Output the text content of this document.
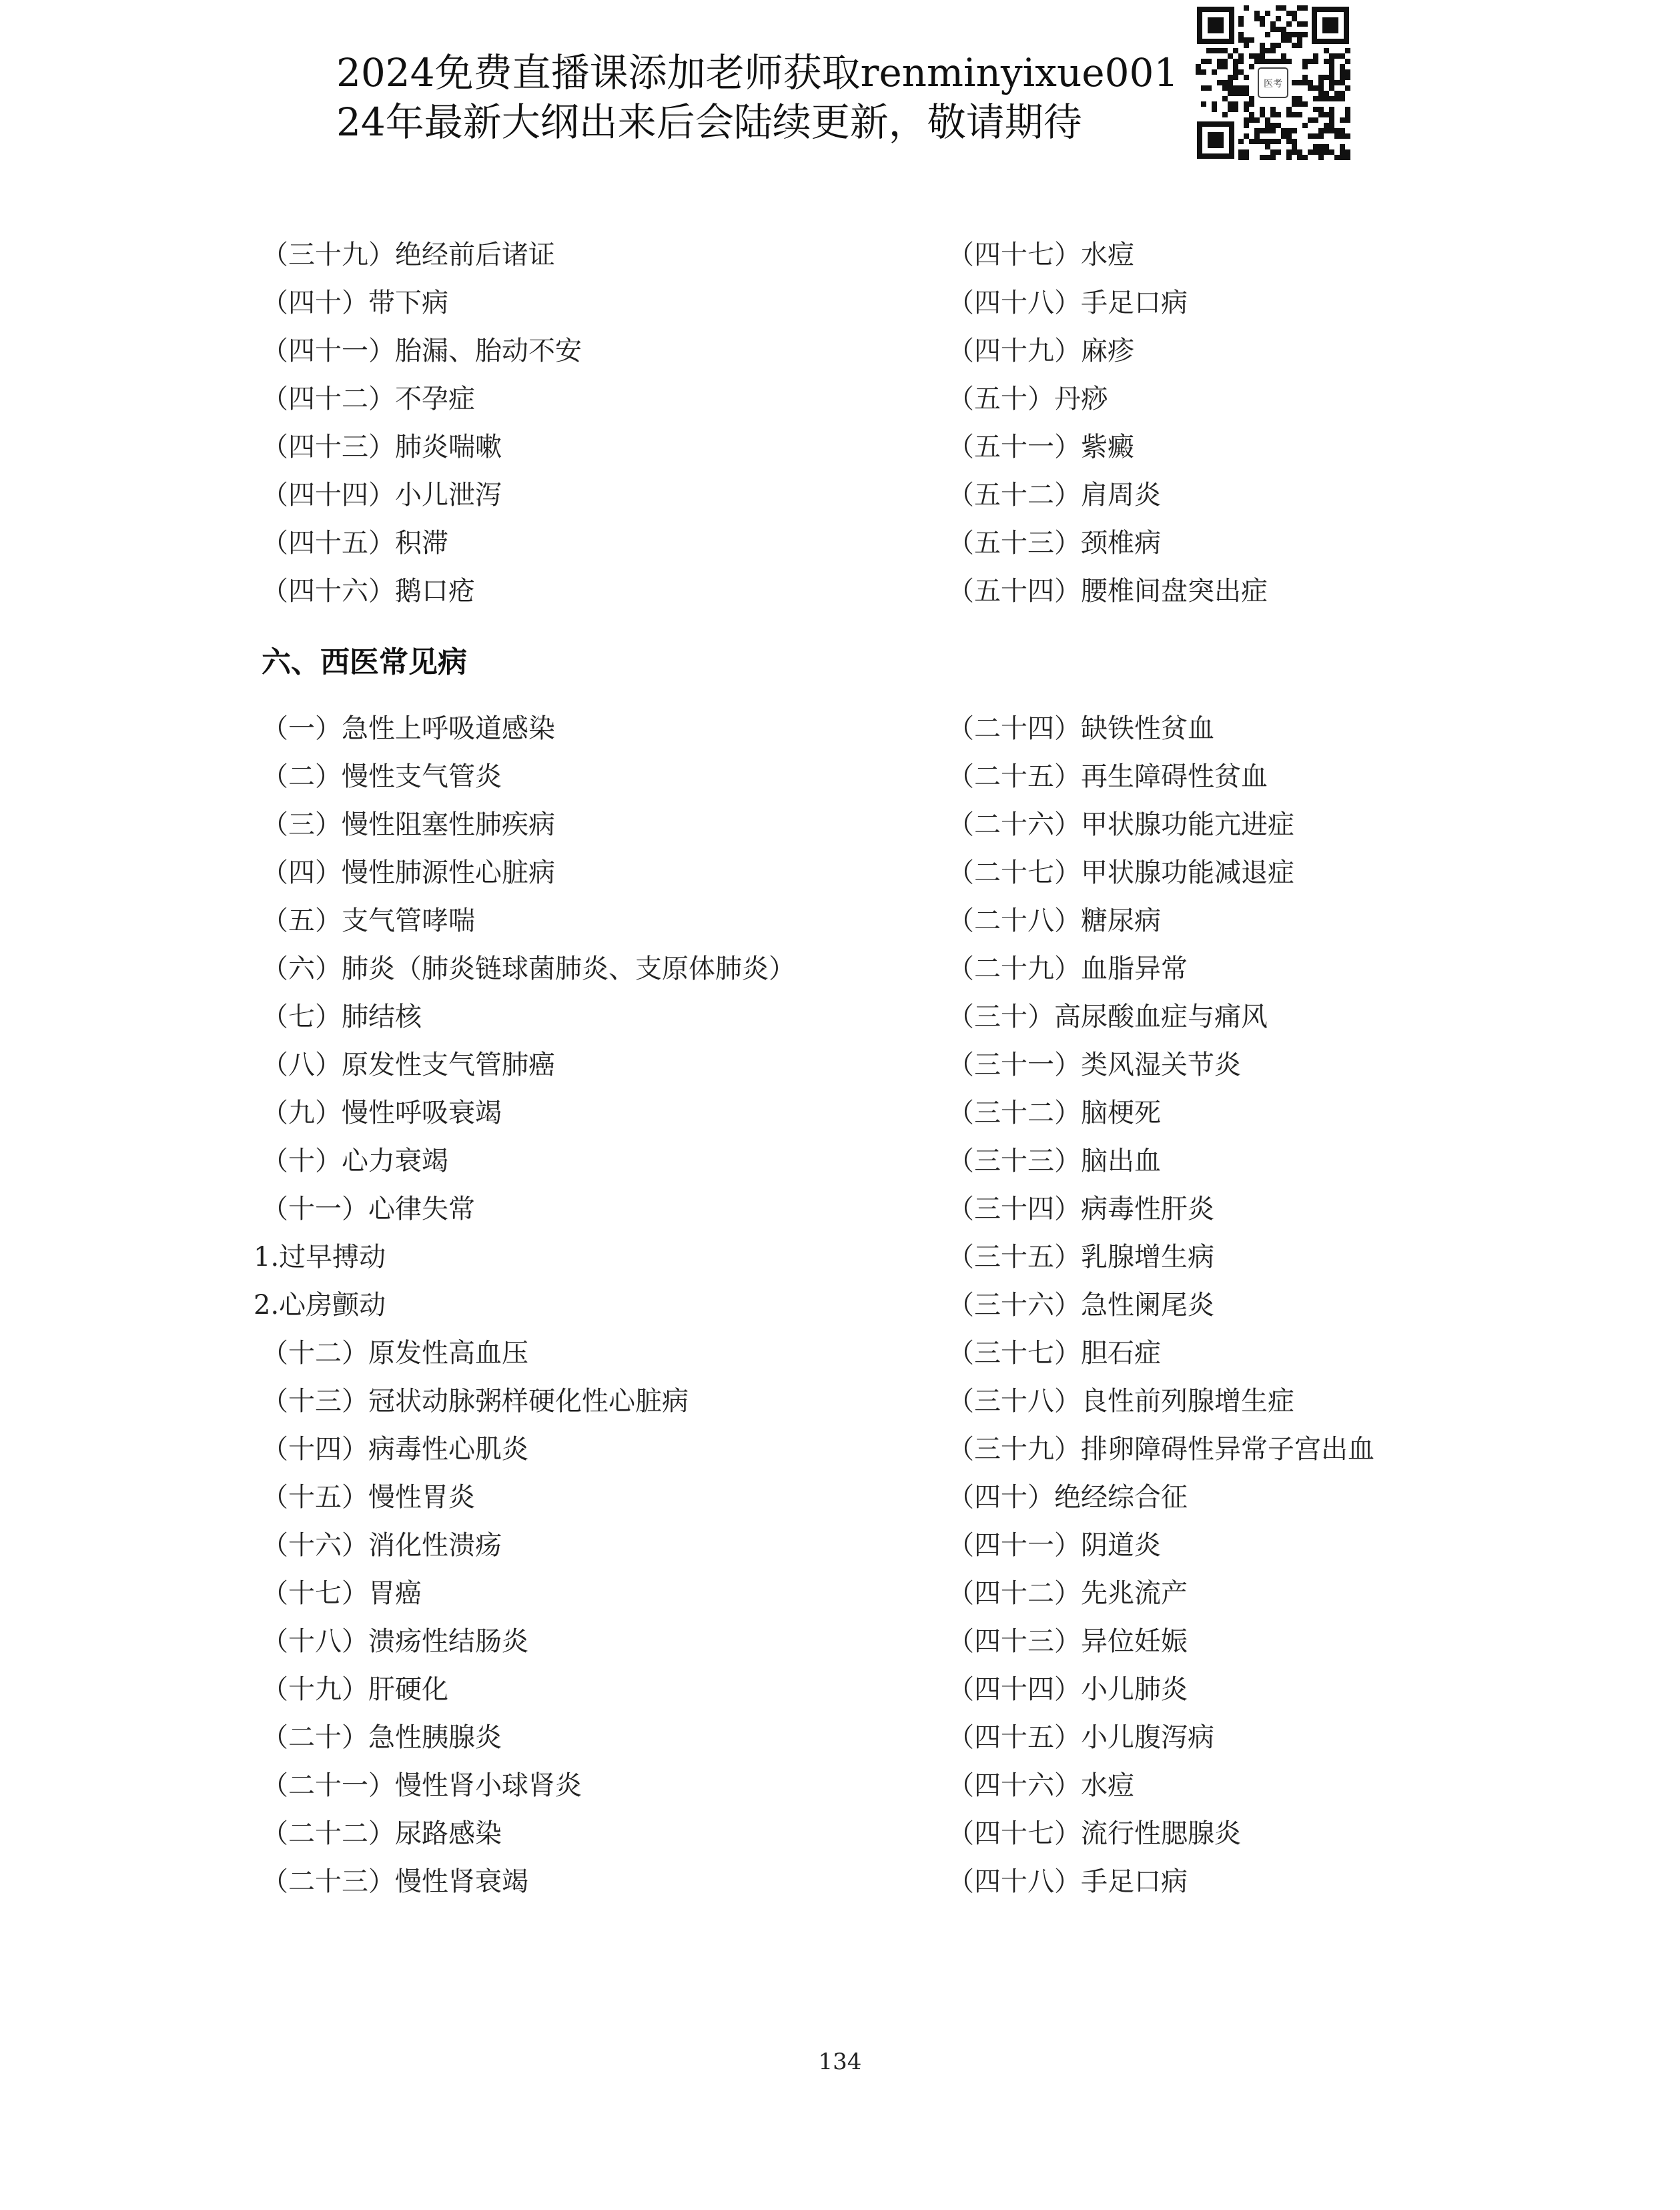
2024免费直播课添加老师获取renminyixue001
24年最新大纲出来后会陆续更新，敬请期待
医考
（三十九）绝经前后诸证
（四十）带下病
（四十一）胎漏、胎动不安
（四十二）不孕症
（四十三）肺炎喘嗽
（四十四）小儿泄泻
（四十五）积滞
（四十六）鹅口疮
（四十七）水痘
（四十八）手足口病
（四十九）麻疹
（五十）丹痧
（五十一）紫癜
（五十二）肩周炎
（五十三）颈椎病
（五十四）腰椎间盘突出症
六、西医常见病
（一）急性上呼吸道感染
（二）慢性支气管炎
（三）慢性阻塞性肺疾病
（四）慢性肺源性心脏病
（五）支气管哮喘
（六）肺炎（肺炎链球菌肺炎、支原体肺炎）
（七）肺结核
（八）原发性支气管肺癌
（九）慢性呼吸衰竭
（十）心力衰竭
（十一）心律失常
1.过早搏动
2.心房颤动
（十二）原发性高血压
（十三）冠状动脉粥样硬化性心脏病
（十四）病毒性心肌炎
（十五）慢性胃炎
（十六）消化性溃疡
（十七）胃癌
（十八）溃疡性结肠炎
（十九）肝硬化
（二十）急性胰腺炎
（二十一）慢性肾小球肾炎
（二十二）尿路感染
（二十三）慢性肾衰竭
（二十四）缺铁性贫血
（二十五）再生障碍性贫血
（二十六）甲状腺功能亢进症
（二十七）甲状腺功能减退症
（二十八）糖尿病
（二十九）血脂异常
（三十）高尿酸血症与痛风
（三十一）类风湿关节炎
（三十二）脑梗死
（三十三）脑出血
（三十四）病毒性肝炎
（三十五）乳腺增生病
（三十六）急性阑尾炎
（三十七）胆石症
（三十八）良性前列腺增生症
（三十九）排卵障碍性异常子宫出血
（四十）绝经综合征
（四十一）阴道炎
（四十二）先兆流产
（四十三）异位妊娠
（四十四）小儿肺炎
（四十五）小儿腹泻病
（四十六）水痘
（四十七）流行性腮腺炎
（四十八）手足口病
134
